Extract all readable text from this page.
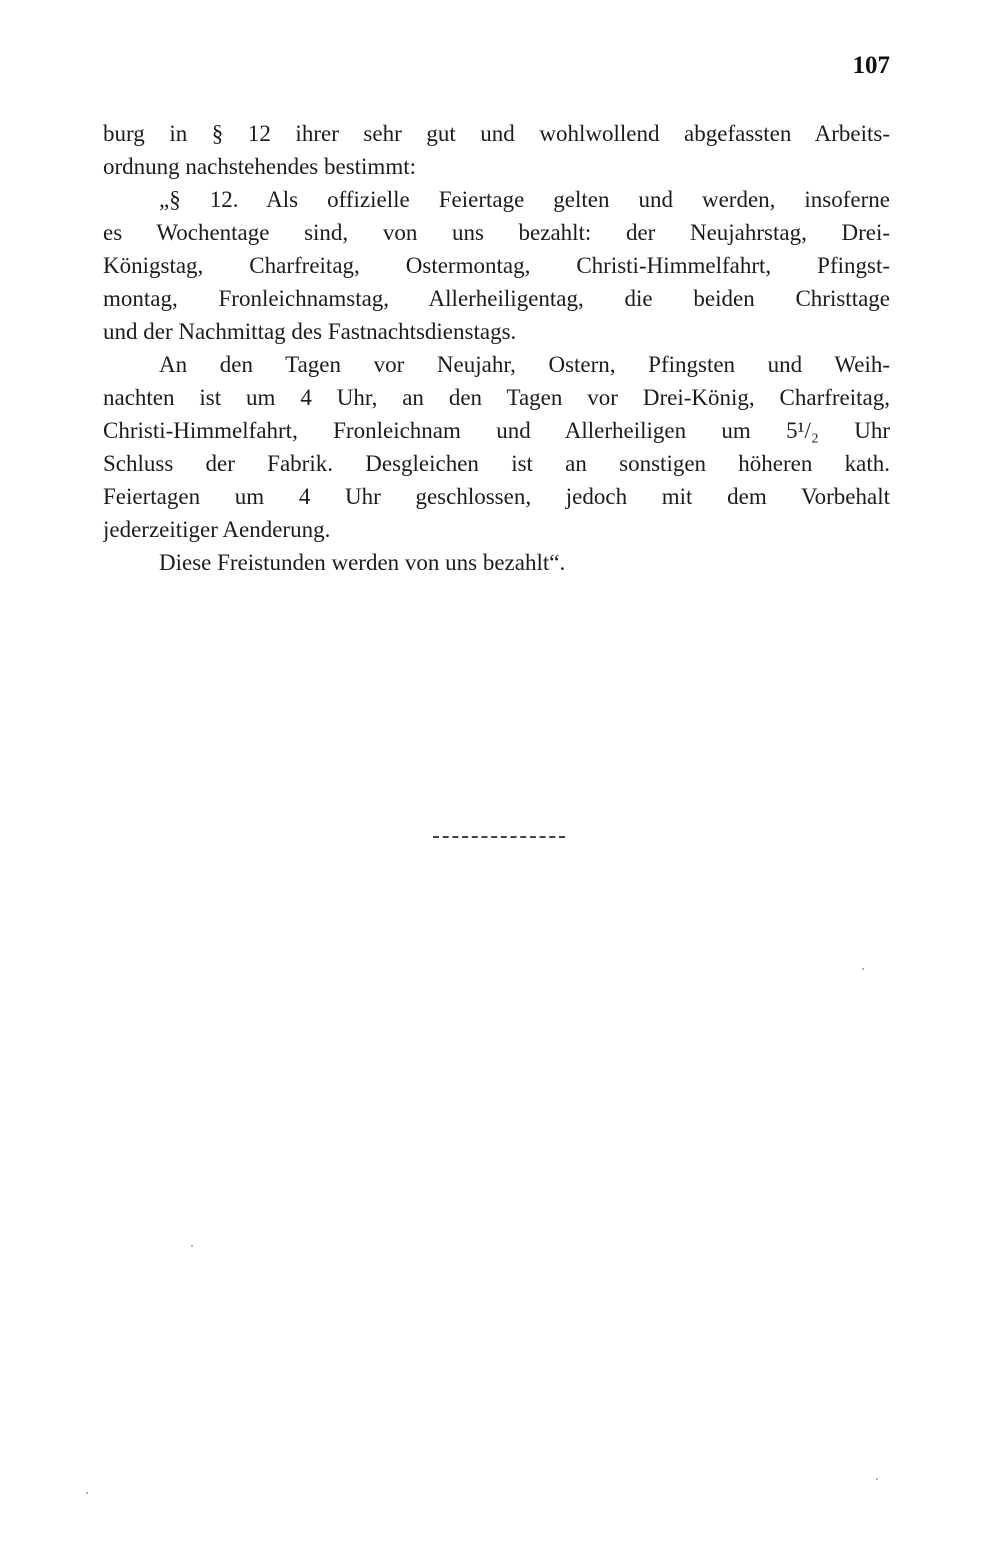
107
burg in § 12 ihrer sehr gut und wohlwollend abgefassten Arbeits-
ordnung nachstehendes bestimmt:
„§ 12. Als offizielle Feiertage gelten und werden, insoferne
es Wochentage sind, von uns bezahlt: der Neujahrstag, Drei-
Königstag, Charfreitag, Ostermontag, Christi-Himmelfahrt, Pfingst-
montag, Fronleichnamstag, Allerheiligentag, die beiden Christtage
und der Nachmittag des Fastnachtsdienstags.
An den Tagen vor Neujahr, Ostern, Pfingsten und Weih-
nachten ist um 4 Uhr, an den Tagen vor Drei-König, Charfreitag,
Christi-Himmelfahrt, Fronleichnam und Allerheiligen um 5¹/₂ Uhr
Schluss der Fabrik. Desgleichen ist an sonstigen höheren kath.
Feiertagen um 4 Uhr geschlossen, jedoch mit dem Vorbehalt
jederzeitiger Aenderung.
Diese Freistunden werden von uns bezahlt“.
